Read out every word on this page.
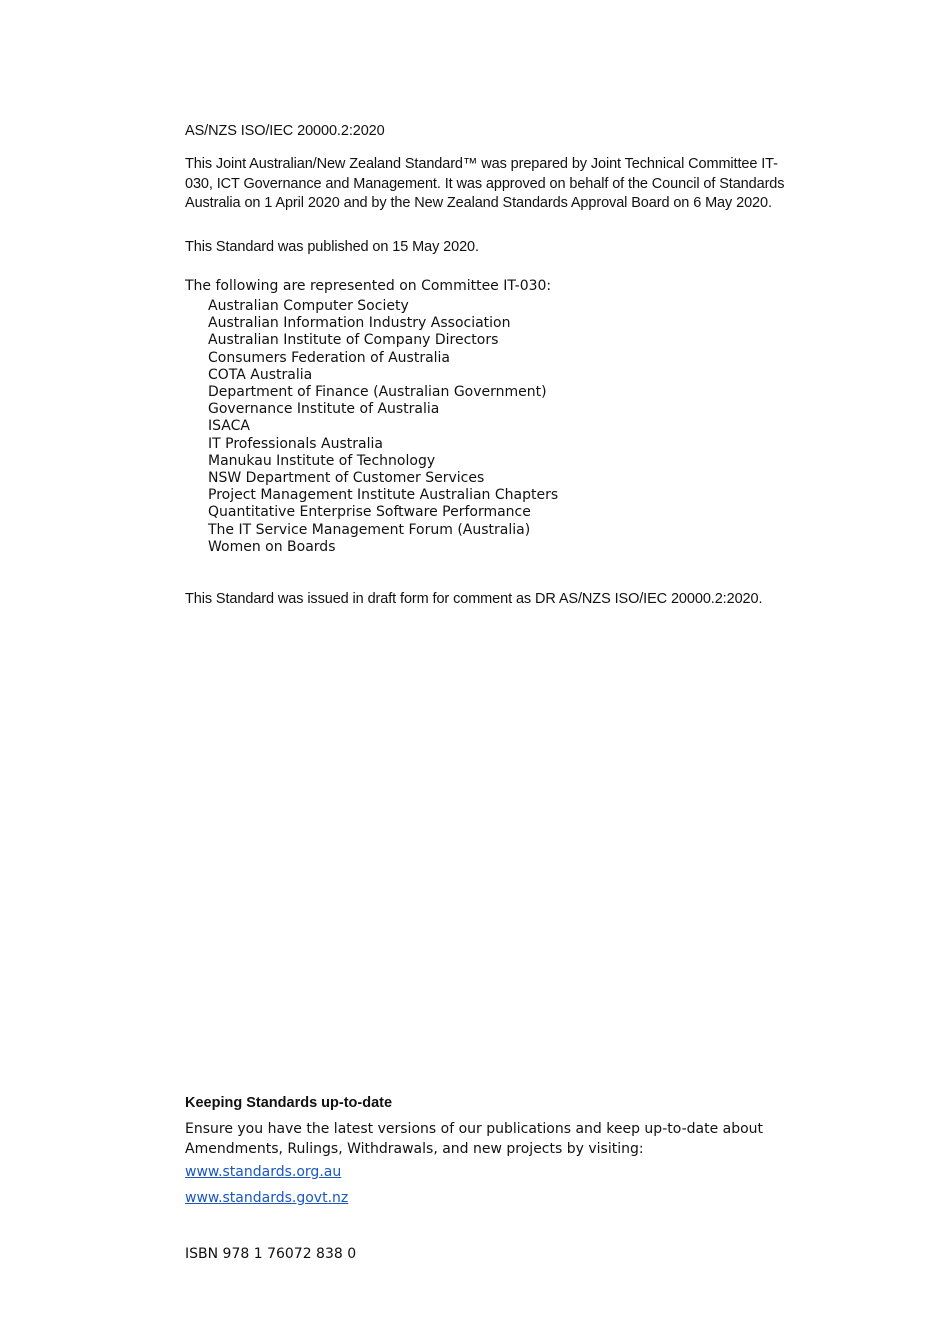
AS/NZS ISO/IEC 20000.2:2020
This Joint Australian/New Zealand Standard™ was prepared by Joint Technical Committee IT-030, ICT Governance and Management. It was approved on behalf of the Council of Standards Australia on 1 April 2020 and by the New Zealand Standards Approval Board on 6 May 2020.
This Standard was published on 15 May 2020.
The following are represented on Committee IT-030:
Australian Computer Society
Australian Information Industry Association
Australian Institute of Company Directors
Consumers Federation of Australia
COTA Australia
Department of Finance (Australian Government)
Governance Institute of Australia
ISACA
IT Professionals Australia
Manukau Institute of Technology
NSW Department of Customer Services
Project Management Institute Australian Chapters
Quantitative Enterprise Software Performance
The IT Service Management Forum (Australia)
Women on Boards
This Standard was issued in draft form for comment as DR AS/NZS ISO/IEC 20000.2:2020.
Keeping Standards up-to-date
Ensure you have the latest versions of our publications and keep up-to-date about Amendments, Rulings, Withdrawals, and new projects by visiting:
www.standards.org.au
www.standards.govt.nz
ISBN 978 1 76072 838 0
